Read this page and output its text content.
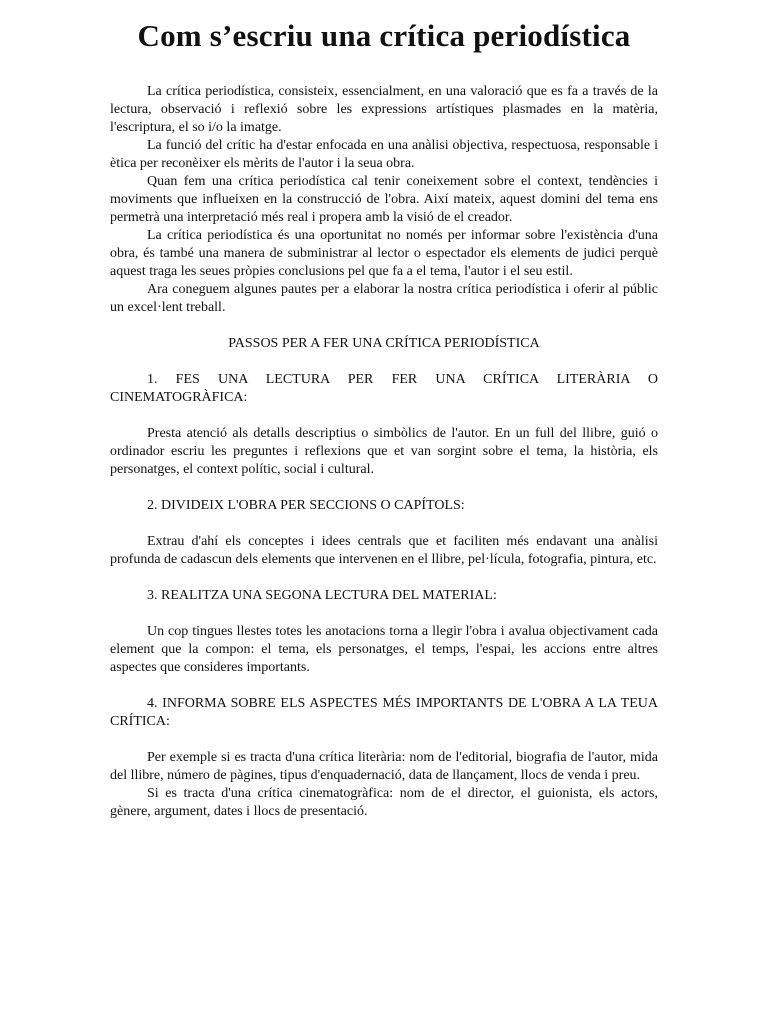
Com s’escriu una crítica periodística

La crítica periodística, consisteix, essencialment, en una valoració que es fa a través de la lectura, observació i reflexió sobre les expressions artístiques plasmades en la matèria, l'escriptura, el so i/o la imatge.

La funció del crític ha d'estar enfocada en una anàlisi objectiva, respectuosa, responsable i ètica per reconèixer els mèrits de l'autor i la seua obra.

Quan fem una crítica periodística cal tenir coneixement sobre el context, tendències i moviments que influeixen en la construcció de l'obra. Així mateix, aquest domini del tema ens permetrà una interpretació més real i propera amb la visió de el creador.

La crítica periodística és una oportunitat no només per informar sobre l'existència d'una obra, és també una manera de subministrar al lector o espectador els elements de judici perquè aquest traga les seues pròpies conclusions pel que fa a el tema, l'autor i el seu estil.

Ara coneguem algunes pautes per a elaborar la nostra crítica periodística i oferir al públic un excel·lent treball.

PASSOS PER A FER UNA CRÍTICA PERIODÍSTICA

1. FES UNA LECTURA PER FER UNA CRÍTICA LITERÀRIA O CINEMATOGRÀFICA:

Presta atenció als detalls descriptius o simbòlics de l'autor. En un full del llibre, guió o ordinador escriu les preguntes i reflexions que et van sorgint sobre el tema, la història, els personatges, el context polític, social i cultural.

2. DIVIDEIX L'OBRA PER SECCIONS O CAPÍTOLS:

Extrau d'ahí els conceptes i idees centrals que et faciliten més endavant una anàlisi profunda de cadascun dels elements que intervenen en el llibre, pel·lícula, fotografia, pintura, etc.

3. REALITZA UNA SEGONA LECTURA DEL MATERIAL:

Un cop tingues llestes totes les anotacions torna a llegir l'obra i avalua objectivament cada element que la compon: el tema, els personatges, el temps, l'espai, les accions entre altres aspectes que consideres importants.

4. INFORMA SOBRE ELS ASPECTES MÉS IMPORTANTS DE L'OBRA A LA TEUA CRÍTICA:

Per exemple si es tracta d'una crítica literària: nom de l'editorial, biografia de l'autor, mida del llibre, número de pàgines, tipus d'enquadernació, data de llançament, llocs de venda i preu.

Si es tracta d'una crítica cinematogràfica: nom de el director, el guionista, els actors, gènere, argument, dates i llocs de presentació.
